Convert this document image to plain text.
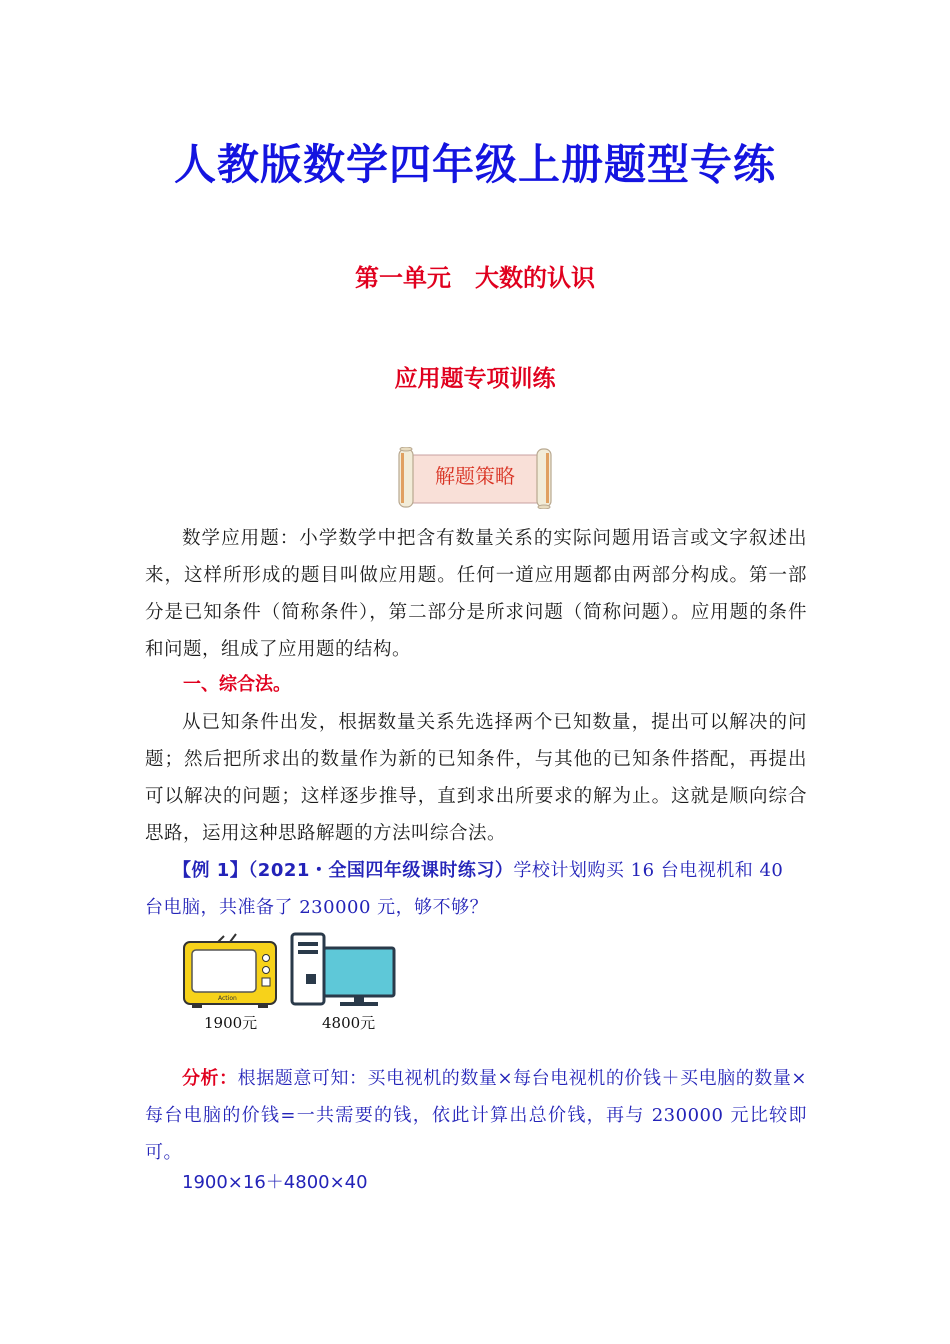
人教版数学四年级上册题型专练
第一单元　大数的认识
应用题专项训练
解题策略
数学应用题：小学数学中把含有数量关系的实际问题用语言或文字叙述出来，这样所形成的题目叫做应用题。任何一道应用题都由两部分构成。第一部分是已知条件（简称条件），第二部分是所求问题（简称问题）。应用题的条件和问题，组成了应用题的结构。
一、综合法。
从已知条件出发，根据数量关系先选择两个已知数量，提出可以解决的问题；然后把所求出的数量作为新的已知条件，与其他的已知条件搭配，再提出可以解决的问题；这样逐步推导，直到求出所要求的解为止。这就是顺向综合思路，运用这种思路解题的方法叫综合法。
【例 1】（2021・全国四年级课时练习）学校计划购买 16 台电视机和 40 台电脑，共准备了 230000 元，够不够？
Action
1900元	4800元
分析：根据题意可知：买电视机的数量×每台电视机的价钱＋买电脑的数量×每台电脑的价钱=一共需要的钱，依此计算出总价钱，再与 230000 元比较即可。
1900×16＋4800×40
